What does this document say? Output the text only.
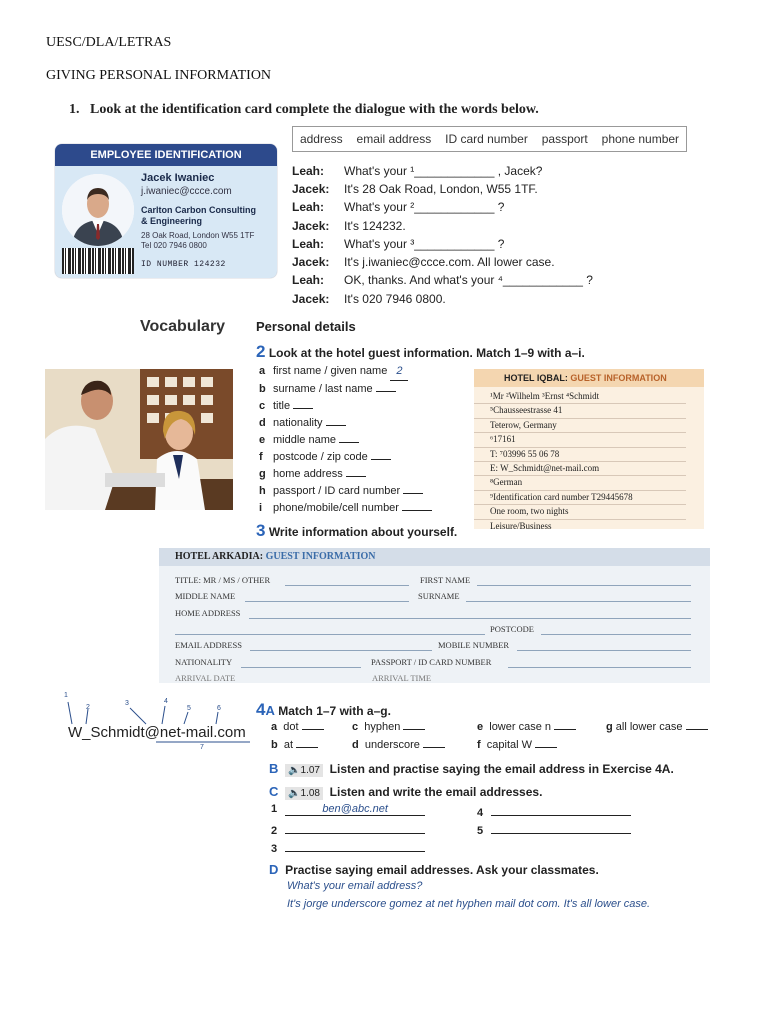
UESC/DLA/LETRAS
GIVING PERSONAL INFORMATION
1. Look at the identification card complete the dialogue with the words below.
address email address ID card number passport phone number
EMPLOYEE IDENTIFICATION
Jacek Iwaniec
j.iwaniec@ccce.com
Carlton Carbon Consulting
& Engineering
28 Oak Road, London W55 1TF
Tel 020 7946 0800
ID NUMBER 124232
Leah: What's your ¹____________ , Jacek?
Jacek: It's 28 Oak Road, London, W55 1TF.
Leah: What's your ²____________ ?
Jacek: It's 124232.
Leah: What's your ³____________ ?
Jacek: It's j.iwaniec@ccce.com. All lower case.
Leah: OK, thanks. And what's your ⁴____________ ?
Jacek: It's 020 7946 0800.
Vocabulary Personal details
2 Look at the hotel guest information. Match 1–9 with a–i.
a first name / given name 2
b surname / last name
c title
d nationality
e middle name
f postcode / zip code
g home address
h passport / ID card number
i phone/mobile/cell number
HOTEL IQBAL: GUEST INFORMATION
¹Mr ²Wilhelm ³Ernst ⁴Schmidt
⁵Chausseestrasse 41
Teterow, Germany
⁶17161
T: ⁷03996 55 06 78
E: W_Schmidt@net-mail.com
⁸German
⁹Identification card number T29445678
One room, two nights
Leisure/Business
3 Write information about yourself.
HOTEL ARKADIA: GUEST INFORMATION
TITLE: MR / MS / OTHER	FIRST NAME
MIDDLE NAME	SURNAME
HOME ADDRESS
POSTCODE
EMAIL ADDRESS	MOBILE NUMBER
NATIONALITY	PASSPORT / ID CARD NUMBER
ARRIVAL DATE	ARRIVAL TIME
1
2
3	4
5	6
W_Schmidt@net-mail.com
7
4A Match 1–7 with a–g.
a dot	c hyphen	e lower case n	g all lower case
b at	d underscore	f capital W
B 🔈1.07 Listen and practise saying the email address in Exercise 4A.
C 🔈1.08 Listen and write the email addresses.
1	ben@abc.net
2
3
4
5
D Practise saying email addresses. Ask your classmates.
What's your email address?
It's jorge underscore gomez at net hyphen mail dot com. It's all lower case.
